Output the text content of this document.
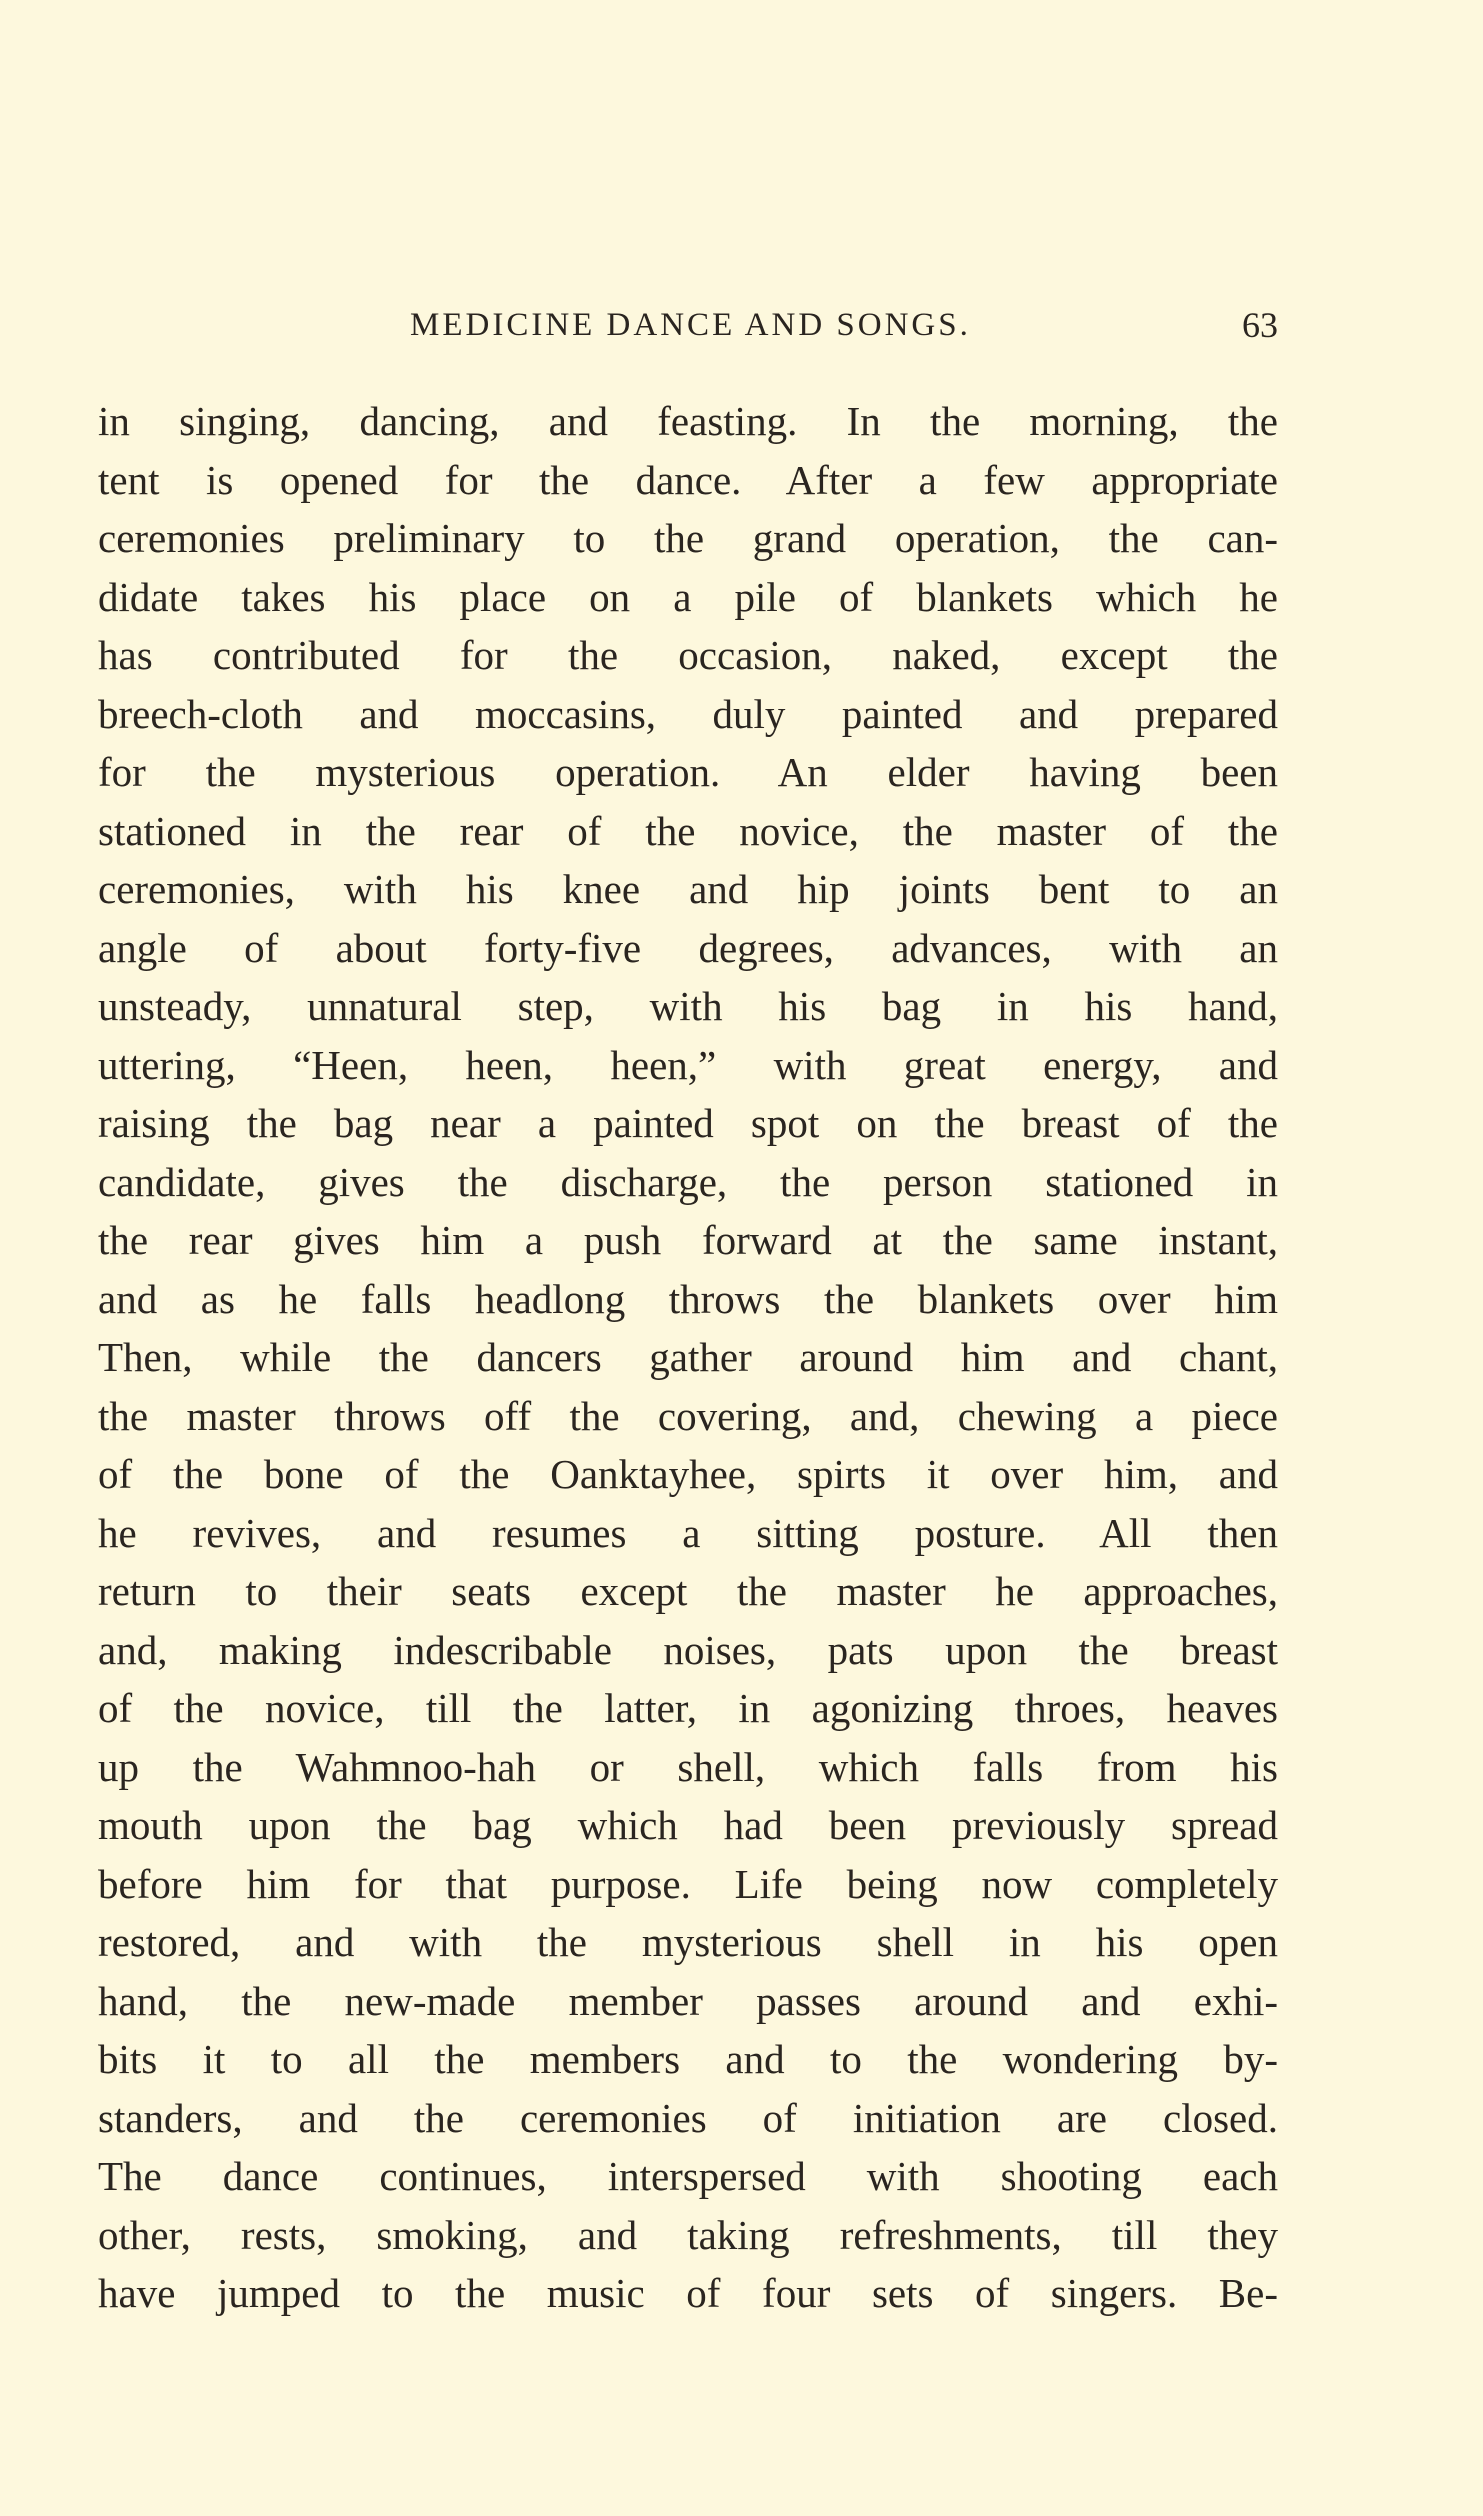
MEDICINE DANCE AND SONGS.	63
in singing, dancing, and feasting. In the morning, the
tent is opened for the dance. After a few appropriate
ceremonies preliminary to the grand operation, the can-
didate takes his place on a pile of blankets which he
has contributed for the occasion, naked, except the
breech-cloth and moccasins, duly painted and prepared
for the mysterious operation. An elder having been
stationed in the rear of the novice, the master of the
ceremonies, with his knee and hip joints bent to an
angle of about forty-five degrees, advances, with an
unsteady, unnatural step, with his bag in his hand,
uttering, “Heen, heen, heen,” with great energy, and
raising the bag near a painted spot on the breast of the
candidate, gives the discharge, the person stationed in
the rear gives him a push forward at the same instant,
and as he falls headlong throws the blankets over him
Then, while the dancers gather around him and chant,
the master throws off the covering, and, chewing a piece
of the bone of the Oanktayhee, spirts it over him, and
he revives, and resumes a sitting posture. All then
return to their seats except the master he approaches,
and, making indescribable noises, pats upon the breast
of the novice, till the latter, in agonizing throes, heaves
up the Wahmnoo-hah or shell, which falls from his
mouth upon the bag which had been previously spread
before him for that purpose. Life being now completely
restored, and with the mysterious shell in his open
hand, the new-made member passes around and exhi-
bits it to all the members and to the wondering by-
standers, and the ceremonies of initiation are closed.
The dance continues, interspersed with shooting each
other, rests, smoking, and taking refreshments, till they
have jumped to the music of four sets of singers. Be-
